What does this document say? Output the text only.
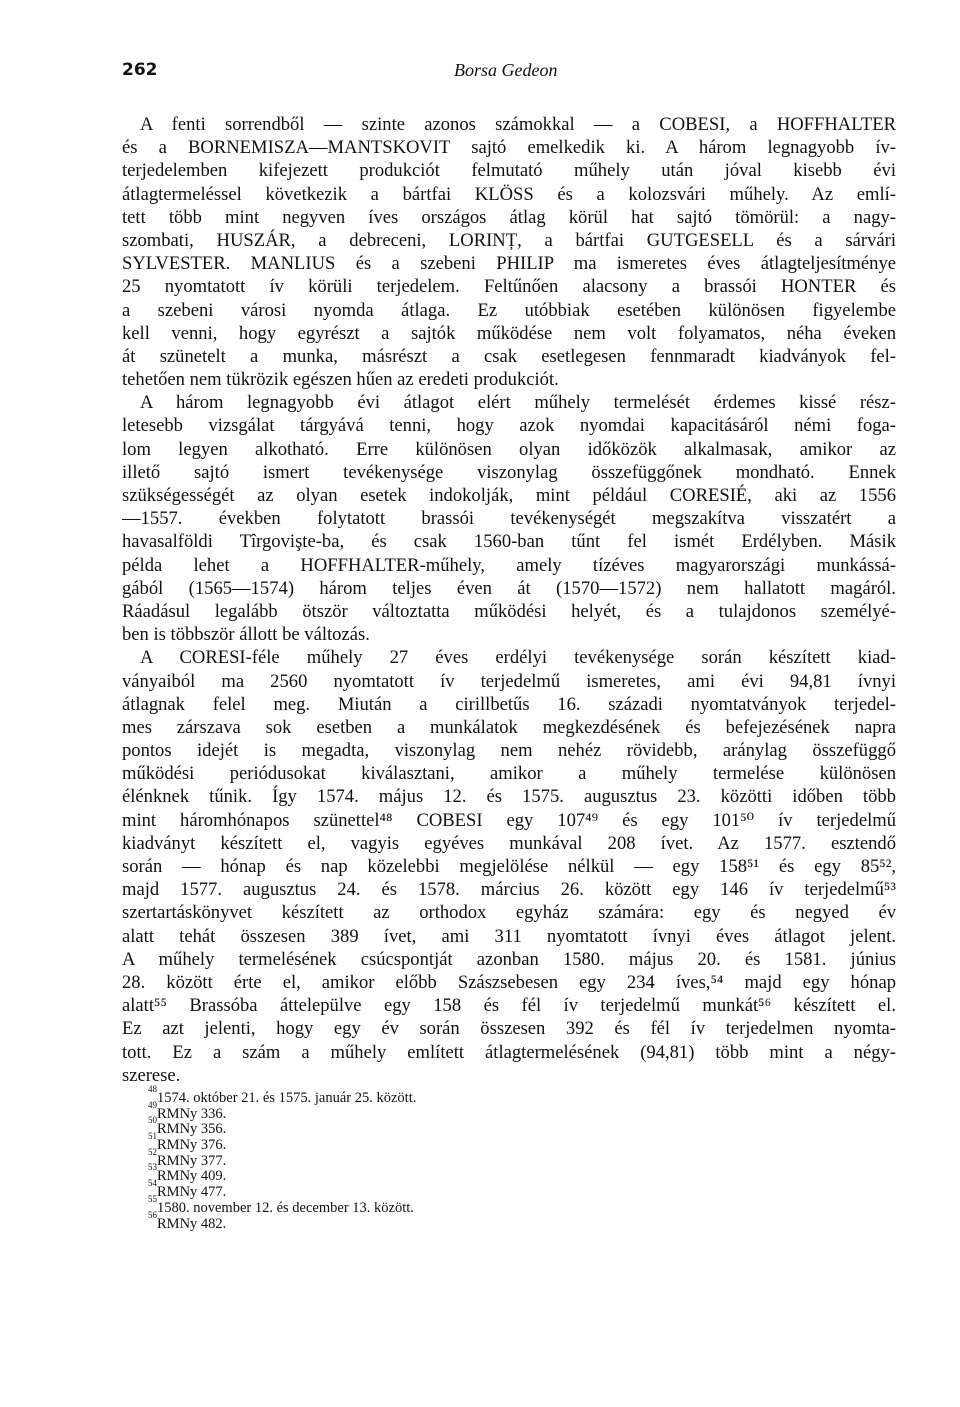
262	Borsa Gedeon
A fenti sorrendből — szinte azonos számokkal — a COBESI, a HOFFHALTER
és a BORNEMISZA—MANTSKOVIT sajtó emelkedik ki. A három legnagyobb ív-
terjedelemben kifejezett produkciót felmutató műhely után jóval kisebb évi
átlagtermeléssel következik a bártfai KLÖSS és a kolozsvári műhely. Az emlí-
tett több mint negyven íves országos átlag körül hat sajtó tömörül: a nagy-
szombati, HUSZÁR, a debreceni, LORINȚ, a bártfai GUTGESELL és a sárvári
SYLVESTER. MANLIUS és a szebeni PHILIP ma ismeretes éves átlagteljesítménye
25 nyomtatott ív körüli terjedelem. Feltűnően alacsony a brassói HONTER és
a szebeni városi nyomda átlaga. Ez utóbbiak esetében különösen figyelembe
kell venni, hogy egyrészt a sajtók működése nem volt folyamatos, néha éveken
át szünetelt a munka, másrészt a csak esetlegesen fennmaradt kiadványok fel-
tehetően nem tükrözik egészen hűen az eredeti produkciót.
A három legnagyobb évi átlagot elért műhely termelését érdemes kissé rész-
letesebb vizsgálat tárgyává tenni, hogy azok nyomdai kapacitásáról némi foga-
lom legyen alkotható. Erre különösen olyan időközök alkalmasak, amikor az
illető sajtó ismert tevékenysége viszonylag összefüggőnek mondható. Ennek
szükségességét az olyan esetek indokolják, mint például CORESIÉ, aki az 1556
—1557. években folytatott brassói tevékenységét megszakítva visszatért a
havasalföldi Tîrgovişte-ba, és csak 1560-ban tűnt fel ismét Erdélyben. Másik
példa lehet a HOFFHALTER-műhely, amely tízéves magyarországi munkássá-
gából (1565—1574) három teljes éven át (1570—1572) nem hallatott magáról.
Ráadásul legalább ötször változtatta működési helyét, és a tulajdonos személyé-
ben is többször állott be változás.
A CORESI-féle műhely 27 éves erdélyi tevékenysége során készített kiad-
ványaiból ma 2560 nyomtatott ív terjedelmű ismeretes, ami évi 94,81 ívnyi
átlagnak felel meg. Miután a cirillbetűs 16. századi nyomtatványok terjedel-
mes zárszava sok esetben a munkálatok megkezdésének és befejezésének napra
pontos idejét is megadta, viszonylag nem nehéz rövidebb, aránylag összefüggő
működési periódusokat kiválasztani, amikor a műhely termelése különösen
élénknek tűnik. Így 1574. május 12. és 1575. augusztus 23. közötti időben több
mint háromhónapos szünettel⁴⁸ COBESI egy 107⁴⁹ és egy 101⁵⁰ ív terjedelmű
kiadványt készített el, vagyis egyéves munkával 208 ívet. Az 1577. esztendő
során — hónap és nap közelebbi megjelölése nélkül — egy 158⁵¹ és egy 85⁵²,
majd 1577. augusztus 24. és 1578. március 26. között egy 146 ív terjedelmű⁵³
szertartáskönyvet készített az orthodox egyház számára: egy és negyed év
alatt tehát összesen 389 ívet, ami 311 nyomtatott ívnyi éves átlagot jelent.
A műhely termelésének csúcspontját azonban 1580. május 20. és 1581. június
28. között érte el, amikor előbb Szászsebesen egy 234 íves,⁵⁴ majd egy hónap
alatt⁵⁵ Brassóba áttelepülve egy 158 és fél ív terjedelmű munkát⁵⁶ készített el.
Ez azt jelenti, hogy egy év során összesen 392 és fél ív terjedelmen nyomta-
tott. Ez a szám a műhely említett átlagtermelésének (94,81) több mint a négy-
szerese.
$^{48}$1574. október 21. és 1575. január 25. között.
$^{49}$RMNy 336.
$^{50}$RMNy 356.
$^{51}$RMNy 376.
$^{52}$RMNy 377.
$^{53}$RMNy 409.
$^{54}$RMNy 477.
$^{55}$1580. november 12. és december 13. között.
$^{56}$RMNy 482.
